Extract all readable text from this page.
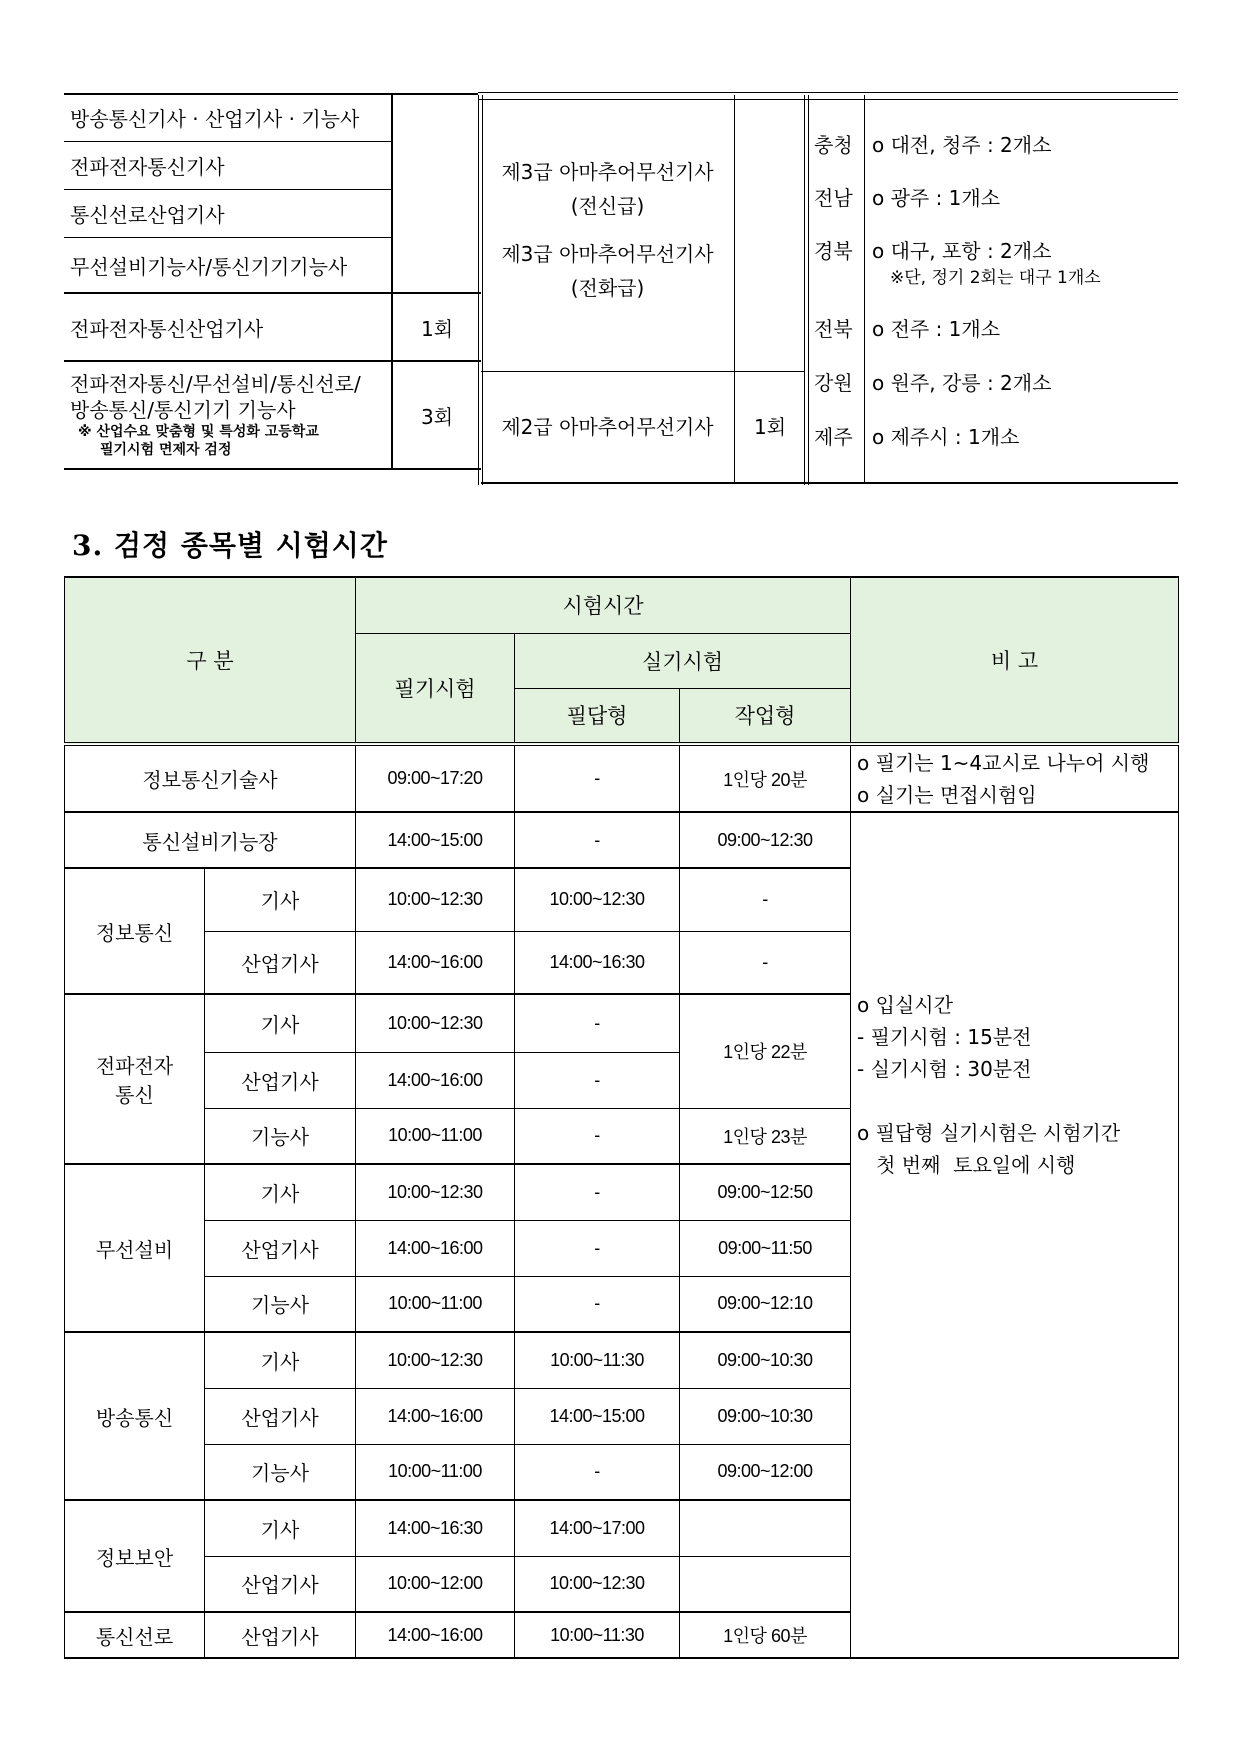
방송통신기사 · 산업기사 · 기능사	
전파전자통신기사	
통신선로산업기사	
무선설비기능사/통신기기기능사	
전파전자통신산업기사	1회
전파전자통신/무선설비/통신선로/
방송통신/통신기기 기능사

※ 산업수요 맞춤형 및 특성화 고등학교
필기시험 면제자 검정	3회
제3급 아마추어무선기사
(전신급)
제3급 아마추어무선기사
(전화급)
제2급 아마추어무선기사	1회
충청 o 대전, 청주 : 2개소
전남 o 광주 : 1개소
경북 o 대구, 포항 : 2개소
※단, 정기 2회는 대구 1개소
전북 o 전주 : 1개소
강원 o 원주, 강릉 : 2개소
제주 o 제주시 : 1개소
3. 검정 종목별 시험시간
구 분		시험시간			비 고
		필기시험	실기시험		
			필답형	작업형	
정보통신기술사		09:00~17:20	-	1인당 20분	o 필기는 1~4교시로 나누어 시행
o 실기는 면접시험임

통신설비기능장		14:00~15:00	-	09:00~12:30	o 입실시간
- 필기시험 : 15분전
- 실기시험 : 30분전
o 필답형 실기시험은 시험기간
첫 번째  토요일에 시행

정보통신	기사	10:00~12:30	10:00~12:30	-	
	산업기사	14:00~16:00	14:00~16:30	-	
전파전자
통신	기사	10:00~12:30	-	1인당 22분	
	산업기사	14:00~16:00	-		
	기능사	10:00~11:00	-	1인당 23분	
무선설비	기사	10:00~12:30	-	09:00~12:50	
	산업기사	14:00~16:00	-	09:00~11:50	
	기능사	10:00~11:00	-	09:00~12:10	
방송통신	기사	10:00~12:30	10:00~11:30	09:00~10:30	
	산업기사	14:00~16:00	14:00~15:00	09:00~10:30	
	기능사	10:00~11:00	-	09:00~12:00	
정보보안	기사	14:00~16:30	14:00~17:00		
	산업기사	10:00~12:00	10:00~12:30		
통신선로	산업기사	14:00~16:00	10:00~11:30	1인당 60분	
